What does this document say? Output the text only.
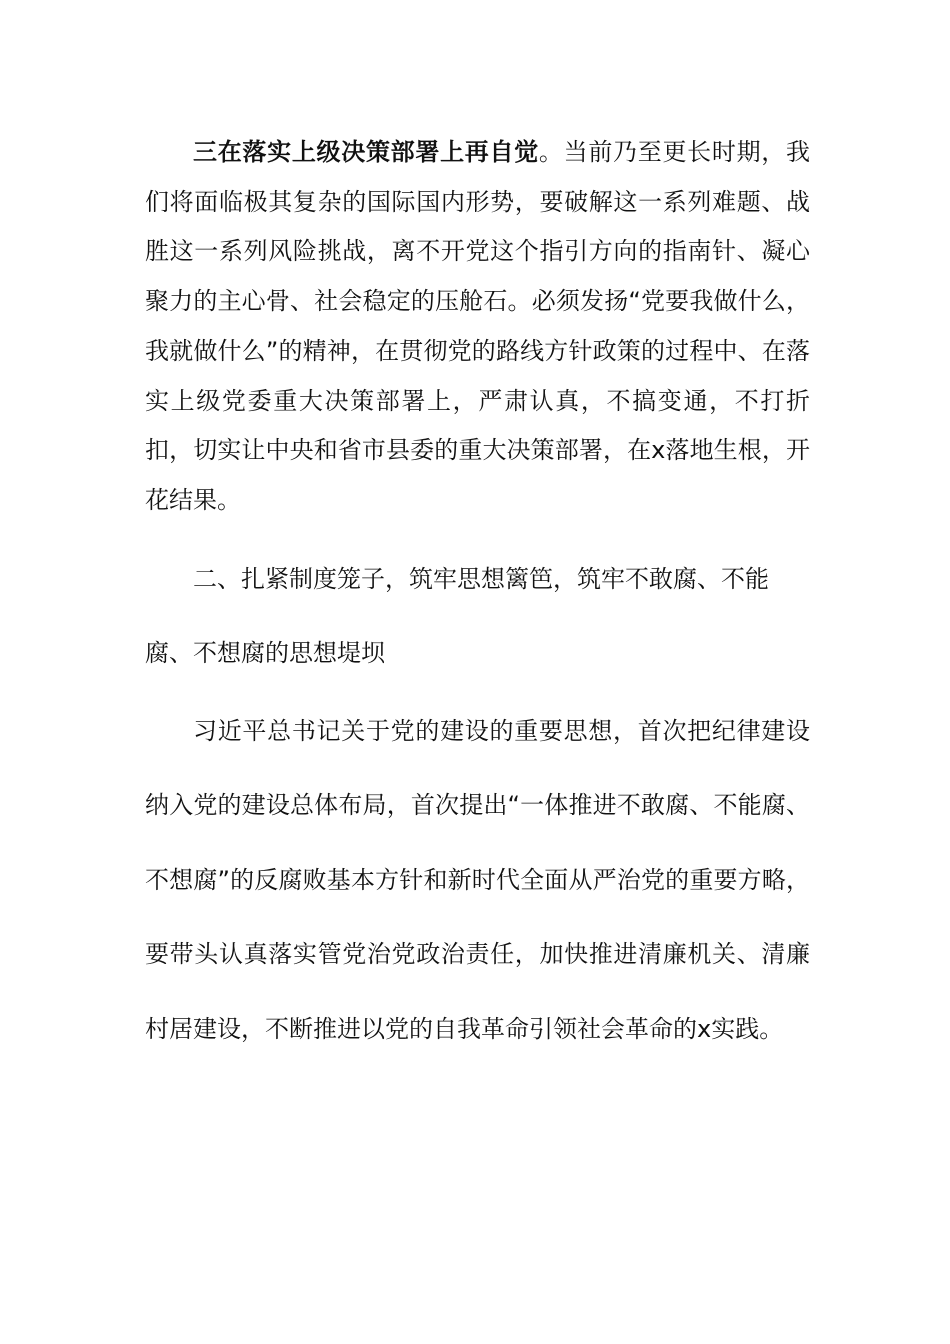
三在落实上级决策部署上再自觉。当前乃至更长时期，我们将面临极其复杂的国际国内形势，要破解这一系列难题、战胜这一系列风险挑战，离不开党这个指引方向的指南针、凝心聚力的主心骨、社会稳定的压舱石。必须发扬“党要我做什么，我就做什么”的精神，在贯彻党的路线方针政策的过程中、在落实上级党委重大决策部署上，严肃认真，不搞变通，不打折扣，切实让中央和省市县委的重大决策部署，在x落地生根，开花结果。

二、扎紧制度笼子，筑牢思想篱笆，筑牢不敢腐、不能腐、不想腐的思想堤坝

习近平总书记关于党的建设的重要思想，首次把纪律建设纳入党的建设总体布局，首次提出“一体推进不敢腐、不能腐、不想腐”的反腐败基本方针和新时代全面从严治党的重要方略，要带头认真落实管党治党政治责任，加快推进清廉机关、清廉村居建设，不断推进以党的自我革命引领社会革命的x实践。
